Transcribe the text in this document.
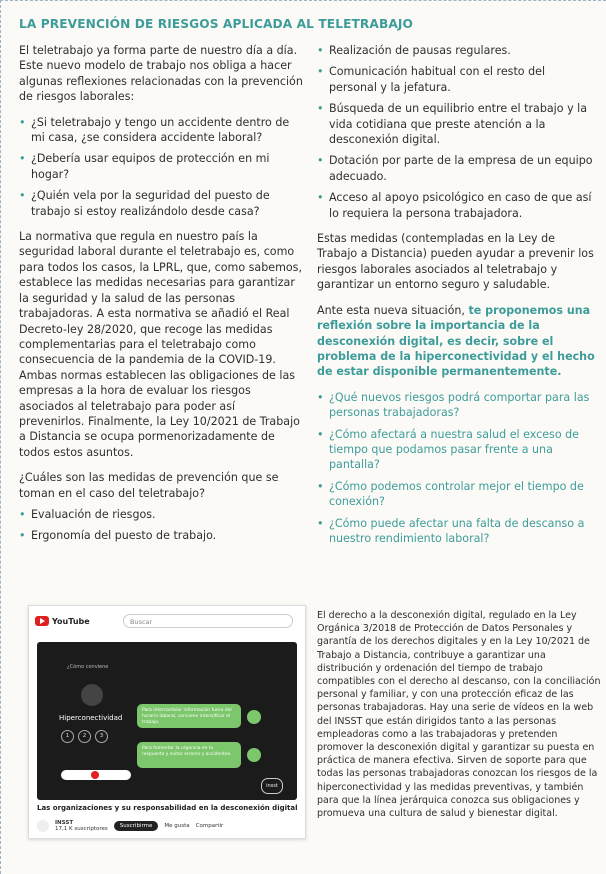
LA PREVENCIÓN DE RIESGOS APLICADA AL TELETRABAJO

El teletrabajo ya forma parte de nuestro día a día. Este nuevo modelo de trabajo nos obliga a hacer algunas reflexiones relacionadas con la prevención de riesgos laborales:

• ¿Si teletrabajo y tengo un accidente dentro de mi casa, ¿se considera accidente laboral?
• ¿Debería usar equipos de protección en mi hogar?
• ¿Quién vela por la seguridad del puesto de trabajo si estoy realizándolo desde casa?

La normativa que regula en nuestro país la seguridad laboral durante el teletrabajo es, como para todos los casos, la LPRL, que, como sabemos, establece las medidas necesarias para garantizar la seguridad y la salud de las personas trabajadoras. A esta normativa se añadió el Real Decreto-ley 28/2020, que recoge las medidas complementarias para el teletrabajo como consecuencia de la pandemia de la COVID-19. Ambas normas establecen las obligaciones de las empresas a la hora de evaluar los riesgos asociados al teletrabajo para poder así prevenirlos. Finalmente, la Ley 10/2021 de Trabajo a Distancia se ocupa pormenorizadamente de todos estos asuntos.

¿Cuáles son las medidas de prevención que se toman en el caso del teletrabajo?

• Evaluación de riesgos.
• Ergonomía del puesto de trabajo.
• Realización de pausas regulares.
• Comunicación habitual con el resto del personal y la jefatura.
• Búsqueda de un equilibrio entre el trabajo y la vida cotidiana que preste atención a la desconexión digital.
• Dotación por parte de la empresa de un equipo adecuado.
• Acceso al apoyo psicológico en caso de que así lo requiera la persona trabajadora.

Estas medidas (contempladas en la Ley de Trabajo a Distancia) pueden ayudar a prevenir los riesgos laborales asociados al teletrabajo y garantizar un entorno seguro y saludable.

Ante esta nueva situación, te proponemos una reflexión sobre la importancia de la desconexión digital, es decir, sobre el problema de la hiperconectividad y el hecho de estar disponible permanentemente.

• ¿Qué nuevos riesgos podrá comportar para las personas trabajadoras?
• ¿Cómo afectará a nuestra salud el exceso de tiempo que podamos pasar frente a una pantalla?
• ¿Cómo podemos controlar mejor el tiempo de conexión?
• ¿Cómo puede afectar una falta de descanso a nuestro rendimiento laboral?
YouTube	Buscar
¿Cómo conviene
Hiperconectividad
1	2	3
Para intercambiar información fuera del horario laboral, conviene intensificar el trabajo.
Para fomentar la urgencia en la respuesta y evitar errores y accidentes.
insst
Las organizaciones y su responsabilidad en la desconexión digital
INSST
17,1 K suscriptores	Suscribirme	Me gusta Compartir
El derecho a la desconexión digital, regulado en la Ley Orgánica 3/2018 de Protección de Datos Personales y garantía de los derechos digitales y en la Ley 10/2021 de Trabajo a Distancia, contribuye a garantizar una distribución y ordenación del tiempo de trabajo compatibles con el derecho al descanso, con la conciliación personal y familiar, y con una protección eficaz de las personas trabajadoras. Hay una serie de vídeos en la web del INSST que están dirigidos tanto a las personas empleadoras como a las trabajadoras y pretenden promover la desconexión digital y garantizar su puesta en práctica de manera efectiva. Sirven de soporte para que todas las personas trabajadoras conozcan los riesgos de la hiperconectividad y las medidas preventivas, y también para que la línea jerárquica conozca sus obligaciones y promueva una cultura de salud y bienestar digital.
